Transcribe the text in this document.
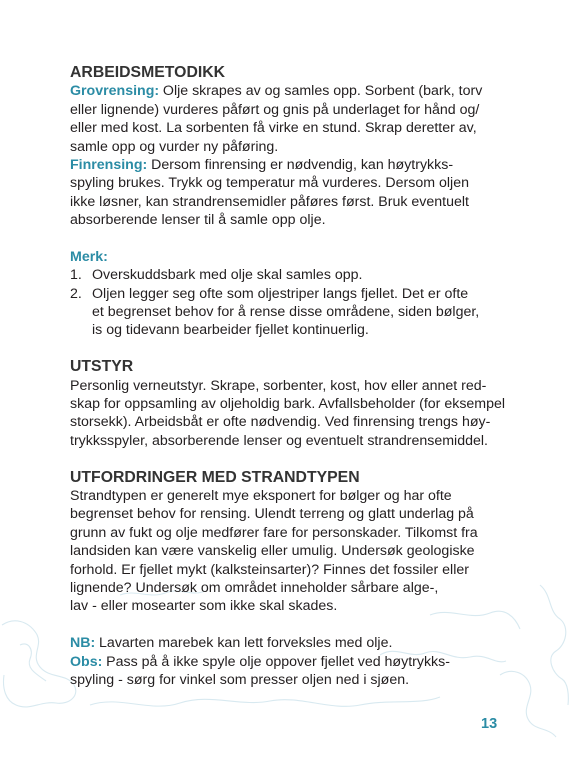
ARBEIDSMETODIKK
Grovrensing: Olje skrapes av og samles opp. Sorbent (bark, torv
eller lignende) vurderes påført og gnis på underlaget for hånd og/
eller med kost. La sorbenten få virke en stund. Skrap deretter av,
samle opp og vurder ny påføring.
Finrensing: Dersom finrensing er nødvendig, kan høytrykks-
spyling brukes. Trykk og temperatur må vurderes. Dersom oljen
ikke løsner, kan strandrensemidler påføres først. Bruk eventuelt
absorberende lenser til å samle opp olje.
Merk:
1. Overskuddsbark med olje skal samles opp.
2. Oljen legger seg ofte som oljestriper langs fjellet. Det er ofte
et begrenset behov for å rense disse områdene, siden bølger,
is og tidevann bearbeider fjellet kontinuerlig.
UTSTYR
Personlig verneutstyr. Skrape, sorbenter, kost, hov eller annet red-
skap for oppsamling av oljeholdig bark. Avfallsbeholder (for eksempel
storsekk). Arbeidsbåt er ofte nødvendig. Ved finrensing trengs høy-
trykksspyler, absorberende lenser og eventuelt strandrensemiddel.
UTFORDRINGER MED STRANDTYPEN
Strandtypen er generelt mye eksponert for bølger og har ofte
begrenset behov for rensing. Ulendt terreng og glatt underlag på
grunn av fukt og olje medfører fare for personskader. Tilkomst fra
landsiden kan være vanskelig eller umulig. Undersøk geologiske
forhold. Er fjellet mykt (kalksteinsarter)? Finnes det fossiler eller
lignende? Undersøk om området inneholder sårbare alge-,
lav - eller mosearter som ikke skal skades.
NB: Lavarten marebek kan lett forveksles med olje.
Obs: Pass på å ikke spyle olje oppover fjellet ved høytrykks-
spyling - sørg for vinkel som presser oljen ned i sjøen.
13
